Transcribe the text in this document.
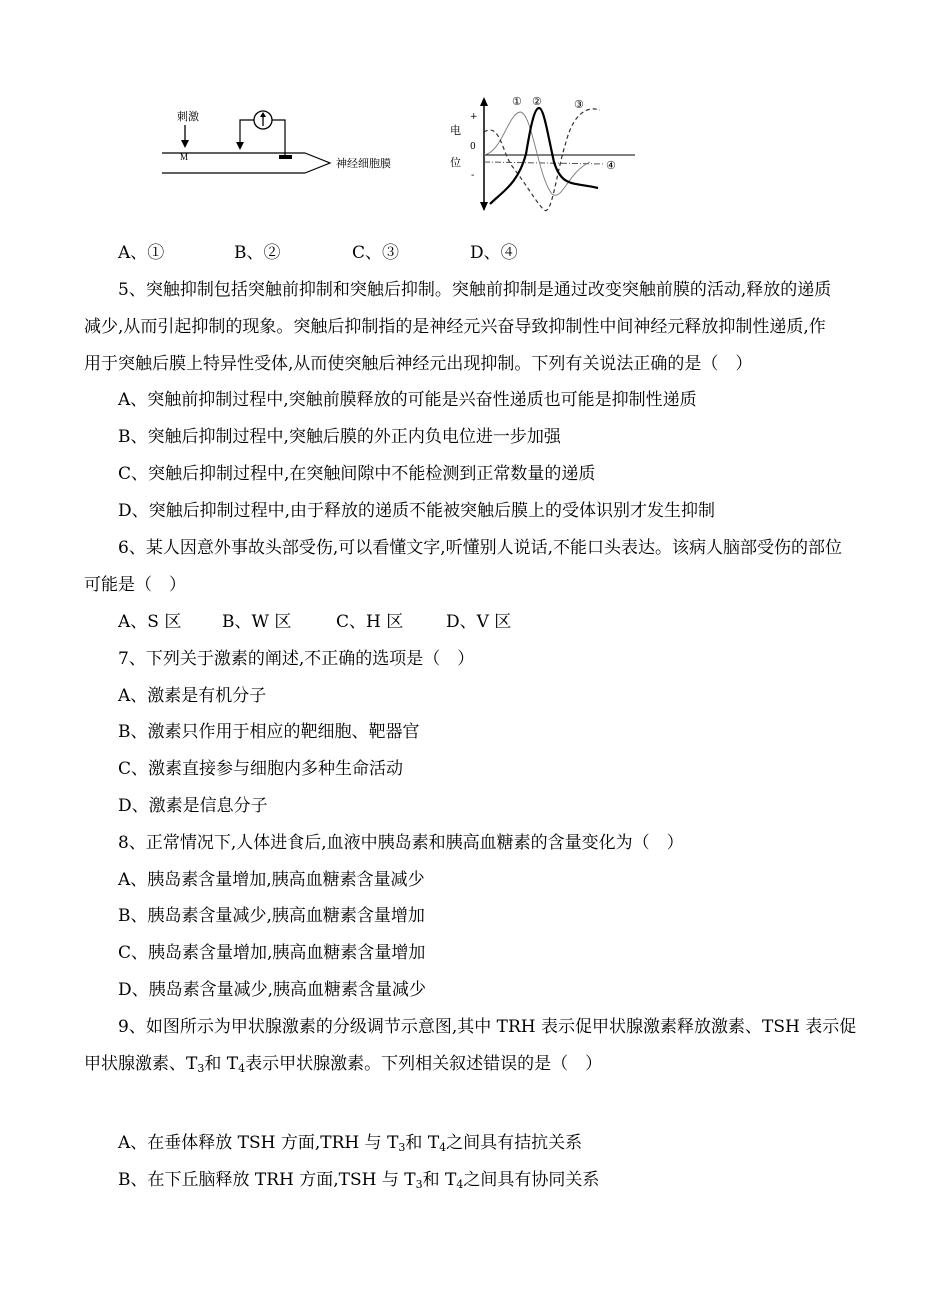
刺激
M
神经细胞膜
电
位
+
0
-
① ②	③
④
A、①	B、②	C、③	D、④
5、突触抑制包括突触前抑制和突触后抑制。突触前抑制是通过改变突触前膜的活动,释放的递质
减少,从而引起抑制的现象。突触后抑制指的是神经元兴奋导致抑制性中间神经元释放抑制性递质,作
用于突触后膜上特异性受体,从而使突触后神经元出现抑制。下列有关说法正确的是（　）
A、突触前抑制过程中,突触前膜释放的可能是兴奋性递质也可能是抑制性递质
B、突触后抑制过程中,突触后膜的外正内负电位进一步加强
C、突触后抑制过程中,在突触间隙中不能检测到正常数量的递质
D、突触后抑制过程中,由于释放的递质不能被突触后膜上的受体识别才发生抑制
6、某人因意外事故头部受伤,可以看懂文字,听懂别人说话,不能口头表达。该病人脑部受伤的部位
可能是（　）
A、S 区 B、W 区	C、H 区	D、V 区
7、下列关于激素的阐述,不正确的选项是（　）
A、激素是有机分子
B、激素只作用于相应的靶细胞、靶器官
C、激素直接参与细胞内多种生命活动
D、激素是信息分子
8、正常情况下,人体进食后,血液中胰岛素和胰高血糖素的含量变化为（　）
A、胰岛素含量增加,胰高血糖素含量减少
B、胰岛素含量减少,胰高血糖素含量增加
C、胰岛素含量增加,胰高血糖素含量增加
D、胰岛素含量减少,胰高血糖素含量减少
9、如图所示为甲状腺激素的分级调节示意图,其中 TRH 表示促甲状腺激素释放激素、TSH 表示促
甲状腺激素、$T_3$和 $T_4$表示甲状腺激素。下列相关叙述错误的是（　）
A、在垂体释放 TSH 方面,TRH 与 $T_3$和 $T_4$之间具有拮抗关系
B、在下丘脑释放 TRH 方面,TSH 与 $T_3$和 $T_4$之间具有协同关系
